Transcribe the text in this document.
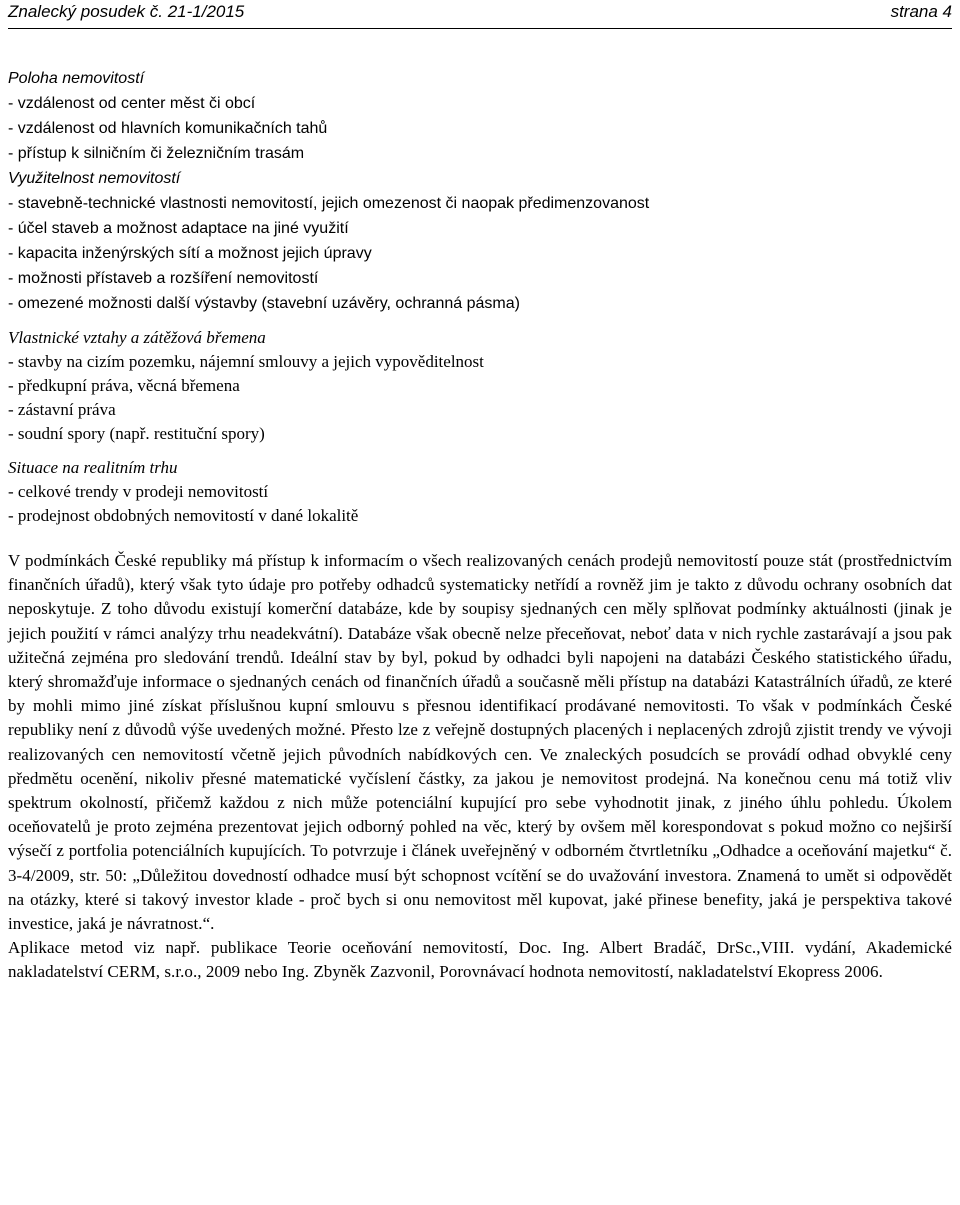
Znalecký posudek č. 21-1/2015	strana 4
Poloha nemovitostí
- vzdálenost od center měst či obcí
- vzdálenost od hlavních komunikačních tahů
- přístup k silničním či železničním trasám
Využitelnost nemovitostí
- stavebně-technické vlastnosti nemovitostí, jejich omezenost či naopak předimenzovanost
- účel staveb a možnost adaptace na jiné využití
- kapacita inženýrských sítí a možnost jejich úpravy
- možnosti přístaveb a rozšíření nemovitostí
- omezené možnosti další výstavby (stavební uzávěry, ochranná pásma)
Vlastnické vztahy a zátěžová břemena
- stavby na cizím pozemku, nájemní smlouvy a jejich vypověditelnost
- předkupní práva, věcná břemena
- zástavní práva
- soudní spory (např. restituční spory)
Situace na realitním trhu
- celkové trendy v prodeji nemovitostí
- prodejnost obdobných nemovitostí v dané lokalitě

V podmínkách České republiky má přístup k informacím o všech realizovaných cenách prodejů nemovitostí pouze stát (prostřednictvím finančních úřadů), který však tyto údaje pro potřeby odhadců systematicky netřídí a rovněž jim je takto z důvodu ochrany osobních dat neposkytuje. Z toho důvodu existují komerční databáze, kde by soupisy sjednaných cen měly splňovat podmínky aktuálnosti (jinak je jejich použití v rámci analýzy trhu neadekvátní). Databáze však obecně nelze přeceňovat, neboť data v nich rychle zastarávají a jsou pak užitečná zejména pro sledování trendů. Ideální stav by byl, pokud by odhadci byli napojeni na databázi Českého statistického úřadu, který shromažďuje informace o sjednaných cenách od finančních úřadů a současně měli přístup na databázi Katastrálních úřadů, ze které by mohli mimo jiné získat příslušnou kupní smlouvu s přesnou identifikací prodávané nemovitosti. To však v podmínkách České republiky není z důvodů výše uvedených možné. Přesto lze z veřejně dostupných placených i neplacených zdrojů zjistit trendy ve vývoji realizovaných cen nemovitostí včetně jejich původních nabídkových cen. Ve znaleckých posudcích se provádí odhad obvyklé ceny předmětu ocenění, nikoliv přesné matematické vyčíslení částky, za jakou je nemovitost prodejná. Na konečnou cenu má totiž vliv spektrum okolností, přičemž každou z nich může potenciální kupující pro sebe vyhodnotit jinak, z jiného úhlu pohledu. Úkolem oceňovatelů je proto zejména prezentovat jejich odborný pohled na věc, který by ovšem měl korespondovat s pokud možno co nejširší výsečí z portfolia potenciálních kupujících. To potvrzuje i článek uveřejněný v odborném čtvrtletníku „Odhadce a oceňování majetku“ č. 3-4/2009, str. 50: „Důležitou dovedností odhadce musí být schopnost vcítění se do uvažování investora. Znamená to umět si odpovědět na otázky, které si takový investor klade - proč bych si onu nemovitost měl kupovat, jaké přinese benefity, jaká je perspektiva takové investice, jaká je návratnost.“.

Aplikace metod viz např. publikace Teorie oceňování nemovitostí, Doc. Ing. Albert Bradáč, DrSc.,VIII. vydání, Akademické nakladatelství CERM, s.r.o., 2009 nebo Ing. Zbyněk Zazvonil, Porovnávací hodnota nemovitostí, nakladatelství Ekopress 2006.
